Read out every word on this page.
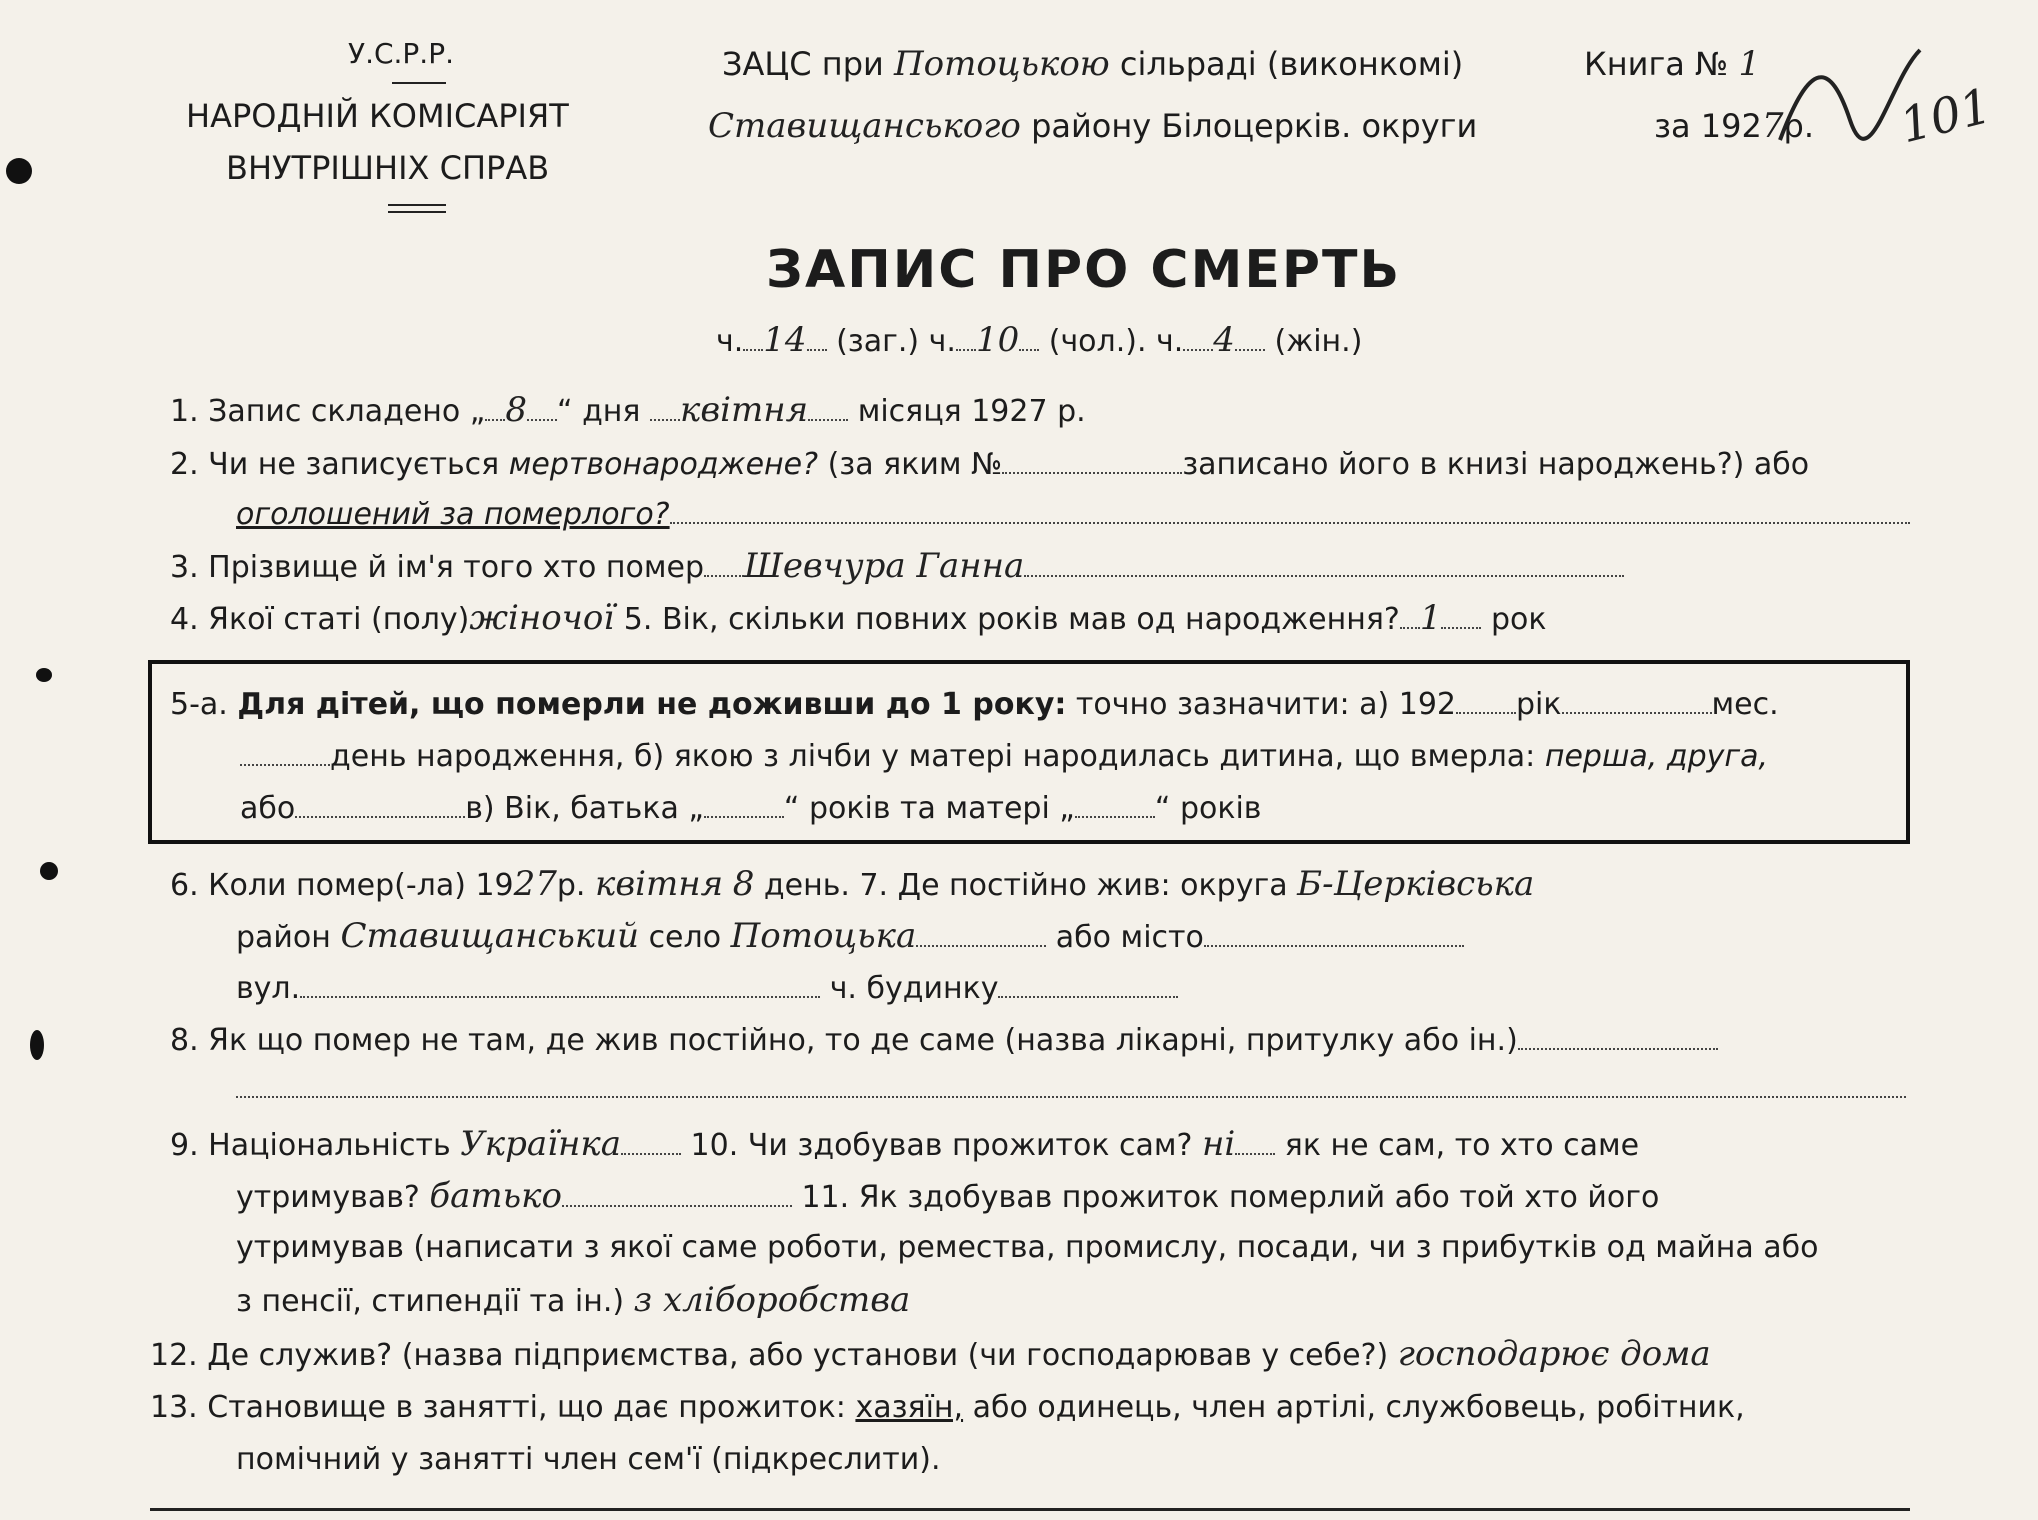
У.С.Р.Р.
НАРОДНІЙ КОМІСАРІЯТ
ВНУТРІШНІХ СПРАВ
ЗАЦС при Потоцькою сільраді (виконкомі)
Ставищанського району Білоцерків. округи
Книга № 1
за 1927р. 101
ЗАПИС ПРО СМЕРТЬ
ч. 14 (заг.) ч. 10 (чол.). ч. 4 (жін.)
1. Запис складено „ 8 “ дня квітня місяця 1927 р.
2. Чи не записується мертвонароджене? (за яким №	записано його в книзі народжень?) або
оголошений за померлого?
3. Прізвище й ім'я того хто помер Шевчура Ганна
4. Якої статі (полу)жіночої 5. Вік, скільки повних років мав од народження? 1 рок
5-а. Для дітей, що померли не доживши до 1 року: точно зазначити: а) 192 рік	мес.
день народження, б) якою з лічби у матері народилась дитина, що вмерла: перша, друга,
або	в) Вік, батька „	“ років та матері „	“ років
6. Коли помер(-ла) 1927р. квітня 8 день. 7. Де постійно жив: округа Б-Церківська
район Ставищанський село Потоцька	або місто
вул.	ч. будинку
8. Як що помер не там, де жив постійно, то де саме (назва лікарні, притулку або ін.)
9. Національність Українка 10. Чи здобував прожиток сам? ні як не сам, то хто саме
утримував? батько	11. Як здобував прожиток померлий або той хто його
утримував (написати з якої саме роботи, ремества, промислу, посади, чи з прибутків од майна або
з пенсії, стипендії та ін.) з хліборобства
12. Де служив? (назва підприємства, або установи (чи господарював у себе?) господарює дома
13. Становище в занятті, що дає прожиток: хазяїн, або одинець, член артілі, службовець, робітник,
помічний у занятті член сем'ї (підкреслити).
